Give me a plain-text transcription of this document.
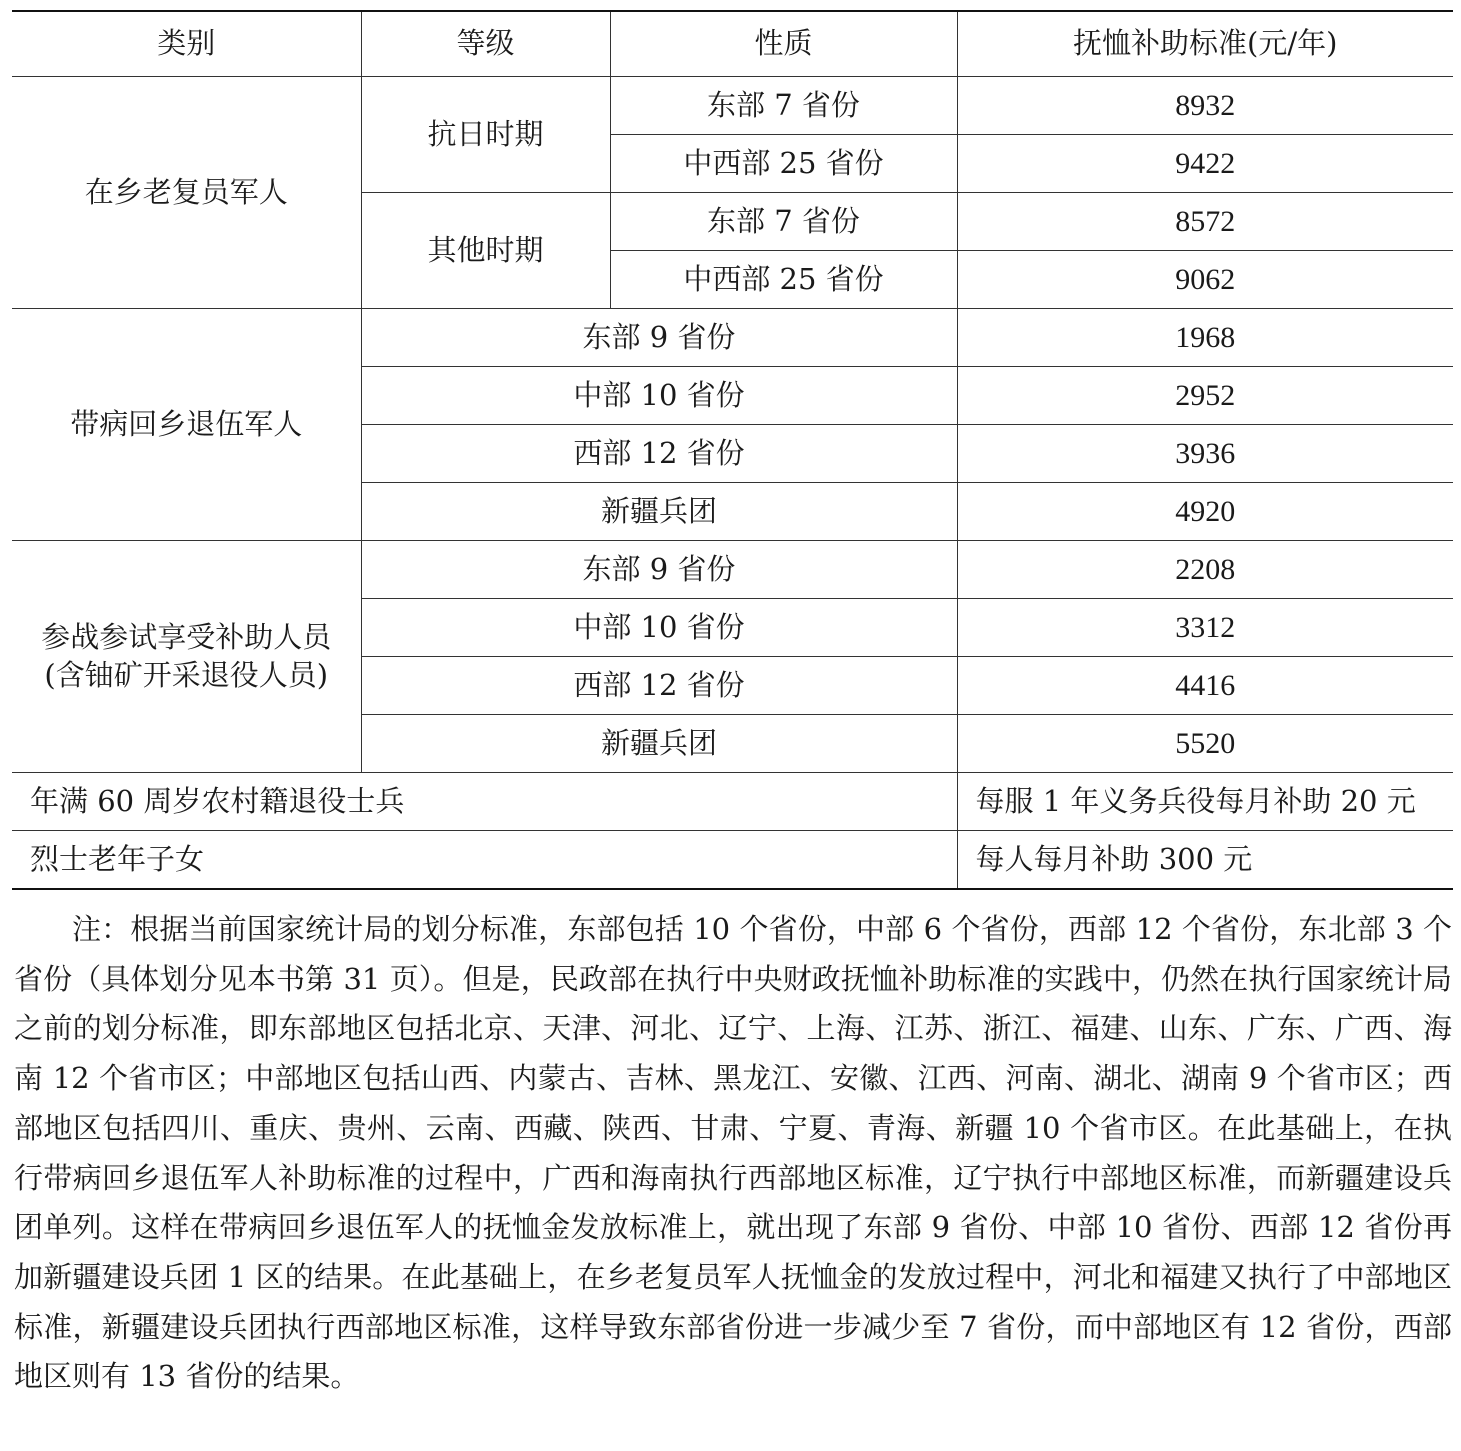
类别	等级	性质	抚恤补助标准(元/年)
在乡老复员军人	抗日时期	东部 7 省份	8932
		中西部 25 省份	9422
	其他时期	东部 7 省份	8572
		中西部 25 省份	9062
带病回乡退伍军人	东部 9 省份		1968
	中部 10 省份		2952
	西部 12 省份		3936
	新疆兵团		4920

参战参试享受补助人员
(含铀矿开采退役人员)	东部 9 省份		2208
	中部 10 省份		3312
	西部 12 省份		4416
	新疆兵团		5520
年满 60 周岁农村籍退役士兵			每服 1 年义务兵役每月补助 20 元
烈士老年子女			每人每月补助 300 元

注：根据当前国家统计局的划分标准，东部包括 10 个省份，中部 6 个省份，西部 12 个省份，东北部 3 个省份（具体划分见本书第 31 页）。但是，民政部在执行中央财政抚恤补助标准的实践中，仍然在执行国家统计局之前的划分标准，即东部地区包括北京、天津、河北、辽宁、上海、江苏、浙江、福建、山东、广东、广西、海南 12 个省市区；中部地区包括山西、内蒙古、吉林、黑龙江、安徽、江西、河南、湖北、湖南 9 个省市区；西部地区包括四川、重庆、贵州、云南、西藏、陕西、甘肃、宁夏、青海、新疆 10 个省市区。在此基础上，在执行带病回乡退伍军人补助标准的过程中，广西和海南执行西部地区标准，辽宁执行中部地区标准，而新疆建设兵团单列。这样在带病回乡退伍军人的抚恤金发放标准上，就出现了东部 9 省份、中部 10 省份、西部 12 省份再加新疆建设兵团 1 区的结果。在此基础上，在乡老复员军人抚恤金的发放过程中，河北和福建又执行了中部地区标准，新疆建设兵团执行西部地区标准，这样导致东部省份进一步减少至 7 省份，而中部地区有 12 省份，西部地区则有 13 省份的结果。
